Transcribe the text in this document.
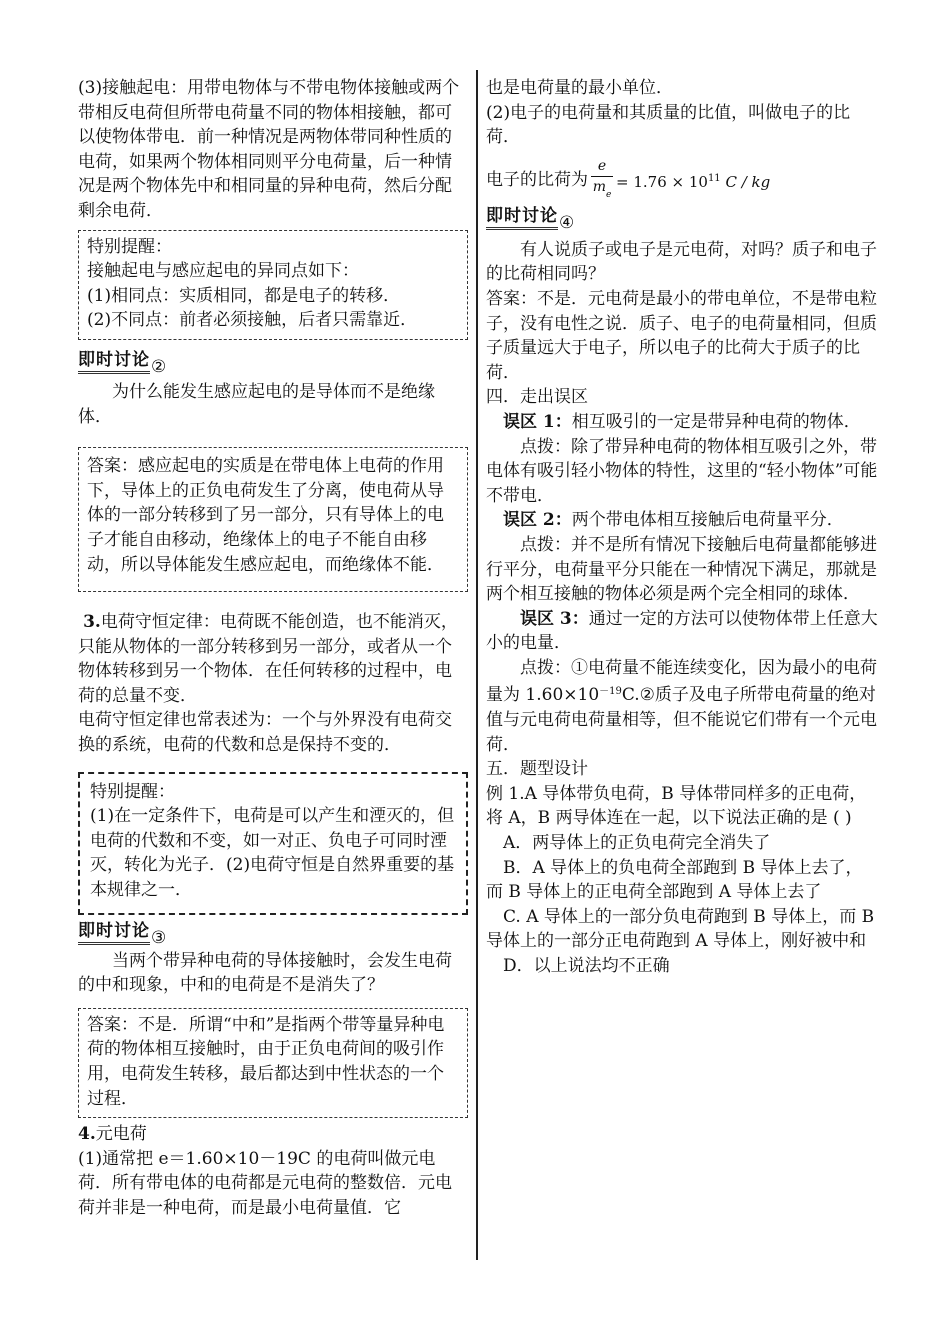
(3)接触起电：用带电物体与不带电物体接触或两个带相反电荷但所带电荷量不同的物体相接触，都可以使物体带电．前一种情况是两物体带同种性质的电荷，如果两个物体相同则平分电荷量，后一种情况是两个物体先中和相同量的异种电荷，然后分配剩余电荷．

特别提醒：

接触起电与感应起电的异同点如下：

(1)相同点：实质相同，都是电子的转移．

(2)不同点：前者必须接触，后者只需靠近．

即时讨论 ②

为什么能发生感应起电的是导体而不是绝缘体．

答案：感应起电的实质是在带电体上电荷的作用下，导体上的正负电荷发生了分离，使电荷从导体的一部分转移到了另一部分，只有导体上的电子才能自由移动，绝缘体上的电子不能自由移动，所以导体能发生感应起电，而绝缘体不能．

3.电荷守恒定律：电荷既不能创造，也不能消灭，只能从物体的一部分转移到另一部分，或者从一个物体转移到另一个物体．在任何转移的过程中，电荷的总量不变．

电荷守恒定律也常表述为：一个与外界没有电荷交换的系统，电荷的代数和总是保持不变的．

特别提醒：

(1)在一定条件下，电荷是可以产生和湮灭的，但电荷的代数和不变，如一对正、负电子可同时湮灭，转化为光子．(2)电荷守恒是自然界重要的基本规律之一．

即时讨论 ③

当两个带异种电荷的导体接触时，会发生电荷的中和现象，中和的电荷是不是消失了？

答案：不是．所谓“中和”是指两个带等量异种电荷的物体相互接触时，由于正负电荷间的吸引作用，电荷发生转移，最后都达到中性状态的一个过程．

4.元电荷

(1)通常把 e＝1.60×10－19C 的电荷叫做元电荷．所有带电体的电荷都是元电荷的整数倍．元电荷并非是一种电荷，而是最小电荷量值．它

也是电荷量的最小单位．

(2)电子的电荷量和其质量的比值，叫做电子的比荷．

电子的比荷为 $\frac{e}{m_e} = 1.76 \times 10^{11}$ C / kg
即时讨论 ④

有人说质子或电子是元电荷，对吗？质子和电子的比荷相同吗？

答案：不是．元电荷是最小的带电单位，不是带电粒子，没有电性之说．质子、电子的电荷量相同，但质子质量远大于电子，所以电子的比荷大于质子的比荷．

四．走出误区

误区 1：相互吸引的一定是带异种电荷的物体．

点拨：除了带异种电荷的物体相互吸引之外，带电体有吸引轻小物体的特性，这里的“轻小物体”可能不带电．

误区 2：两个带电体相互接触后电荷量平分．

点拨：并不是所有情况下接触后电荷量都能够进行平分，电荷量平分只能在一种情况下满足，那就是两个相互接触的物体必须是两个完全相同的球体．

误区 3：通过一定的方法可以使物体带上任意大小的电量．

点拨：①电荷量不能连续变化，因为最小的电荷量为 $1.60\times 10^{-19}C.②$质子及电子所带电荷量的绝对值与元电荷电荷量相等，但不能说它们带有一个元电荷．

五．题型设计

例 1.A 导体带负电荷，B 导体带同样多的正电荷，将 A，B 两导体连在一起，以下说法正确的是 ( )

A．两导体上的正负电荷完全消失了

B．A 导体上的负电荷全部跑到 B 导体上去了，而 B 导体上的正电荷全部跑到 A 导体上去了

C. A 导体上的一部分负电荷跑到 B 导体上，而 B 导体上的一部分正电荷跑到 A 导体上，刚好被中和

D．以上说法均不正确
